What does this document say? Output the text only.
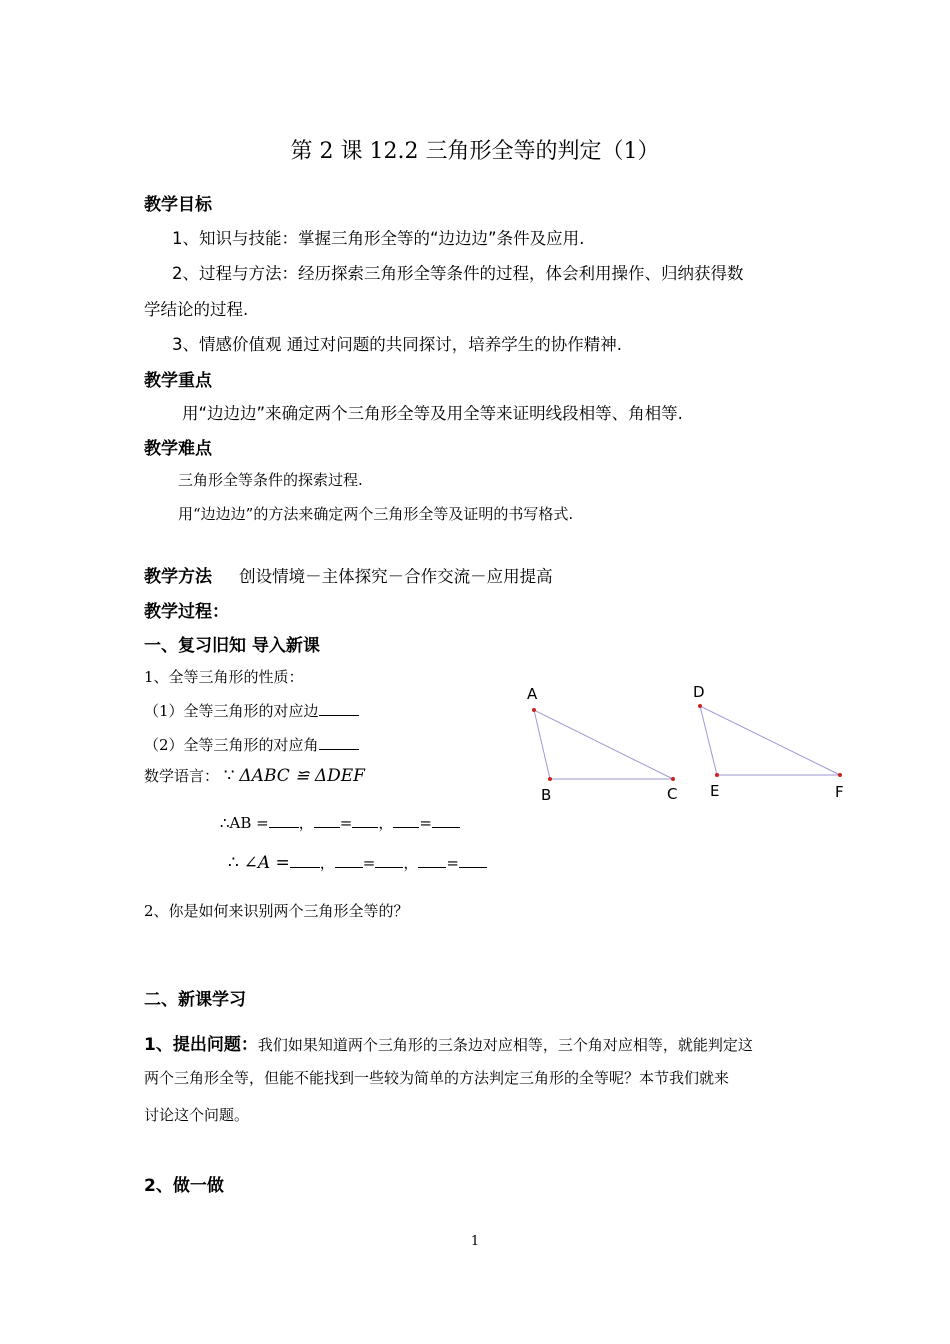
第 2 课 12.2 三角形全等的判定（1）
教学目标
1、知识与技能：掌握三角形全等的“边边边”条件及应用.
2、过程与方法：经历探索三角形全等条件的过程，体会利用操作、归纳获得数
学结论的过程.
3、情感价值观 通过对问题的共同探讨，培养学生的协作精神.
教学重点
用“边边边”来确定两个三角形全等及用全等来证明线段相等、角相等.
教学难点
三角形全等条件的探索过程.
用“边边边”的方法来确定两个三角形全等及证明的书写格式.
教学方法 创设情境－主体探究－合作交流－应用提高
教学过程：
一、复习旧知 导入新课
1、全等三角形的性质：
（1）全等三角形的对应边
（2）全等三角形的对应角
数学语言： ∵ ΔABC ≌ ΔDEF
∴AB = ， = ， =
∴ ∠A = ， = ， =
A
B	C
D
E	F
2、你是如何来识别两个三角形全等的？
二、新课学习
1、提出问题：我们如果知道两个三角形的三条边对应相等，三个角对应相等，就能判定这
两个三角形全等，但能不能找到一些较为简单的方法判定三角形的全等呢？本节我们就来
讨论这个问题。
2、做一做
1
